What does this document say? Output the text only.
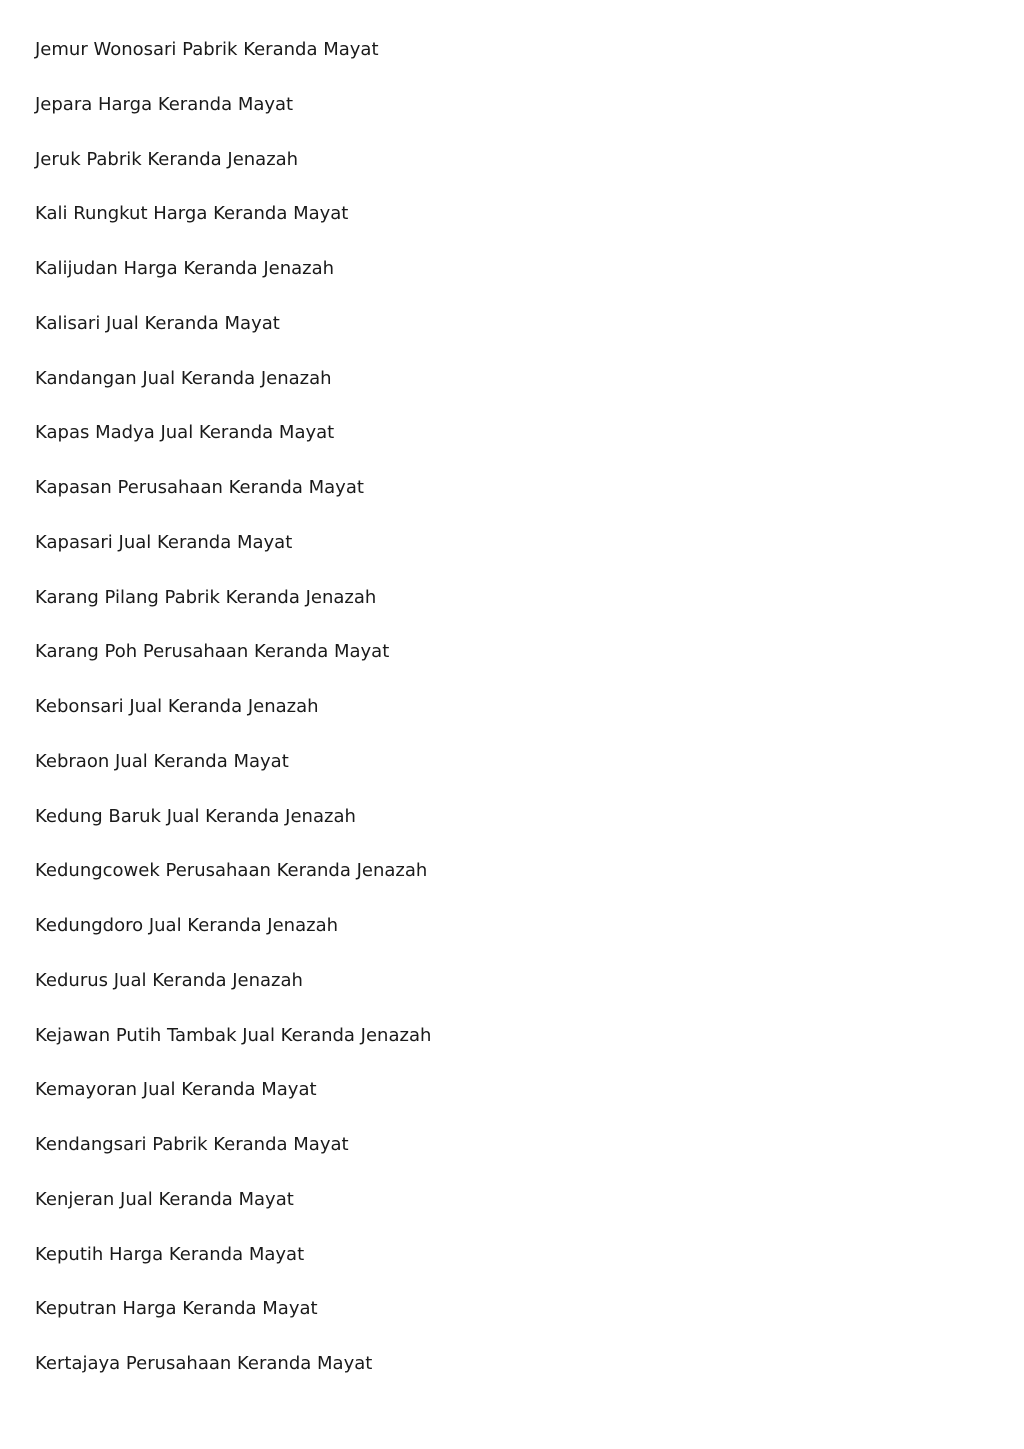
Jemur Wonosari Pabrik Keranda Mayat
Jepara Harga Keranda Mayat
Jeruk Pabrik Keranda Jenazah
Kali Rungkut Harga Keranda Mayat
Kalijudan Harga Keranda Jenazah
Kalisari Jual Keranda Mayat
Kandangan Jual Keranda Jenazah
Kapas Madya Jual Keranda Mayat
Kapasan Perusahaan Keranda Mayat
Kapasari Jual Keranda Mayat
Karang Pilang Pabrik Keranda Jenazah
Karang Poh Perusahaan Keranda Mayat
Kebonsari Jual Keranda Jenazah
Kebraon Jual Keranda Mayat
Kedung Baruk Jual Keranda Jenazah
Kedungcowek Perusahaan Keranda Jenazah
Kedungdoro Jual Keranda Jenazah
Kedurus Jual Keranda Jenazah
Kejawan Putih Tambak Jual Keranda Jenazah
Kemayoran Jual Keranda Mayat
Kendangsari Pabrik Keranda Mayat
Kenjeran Jual Keranda Mayat
Keputih Harga Keranda Mayat
Keputran Harga Keranda Mayat
Kertajaya Perusahaan Keranda Mayat
